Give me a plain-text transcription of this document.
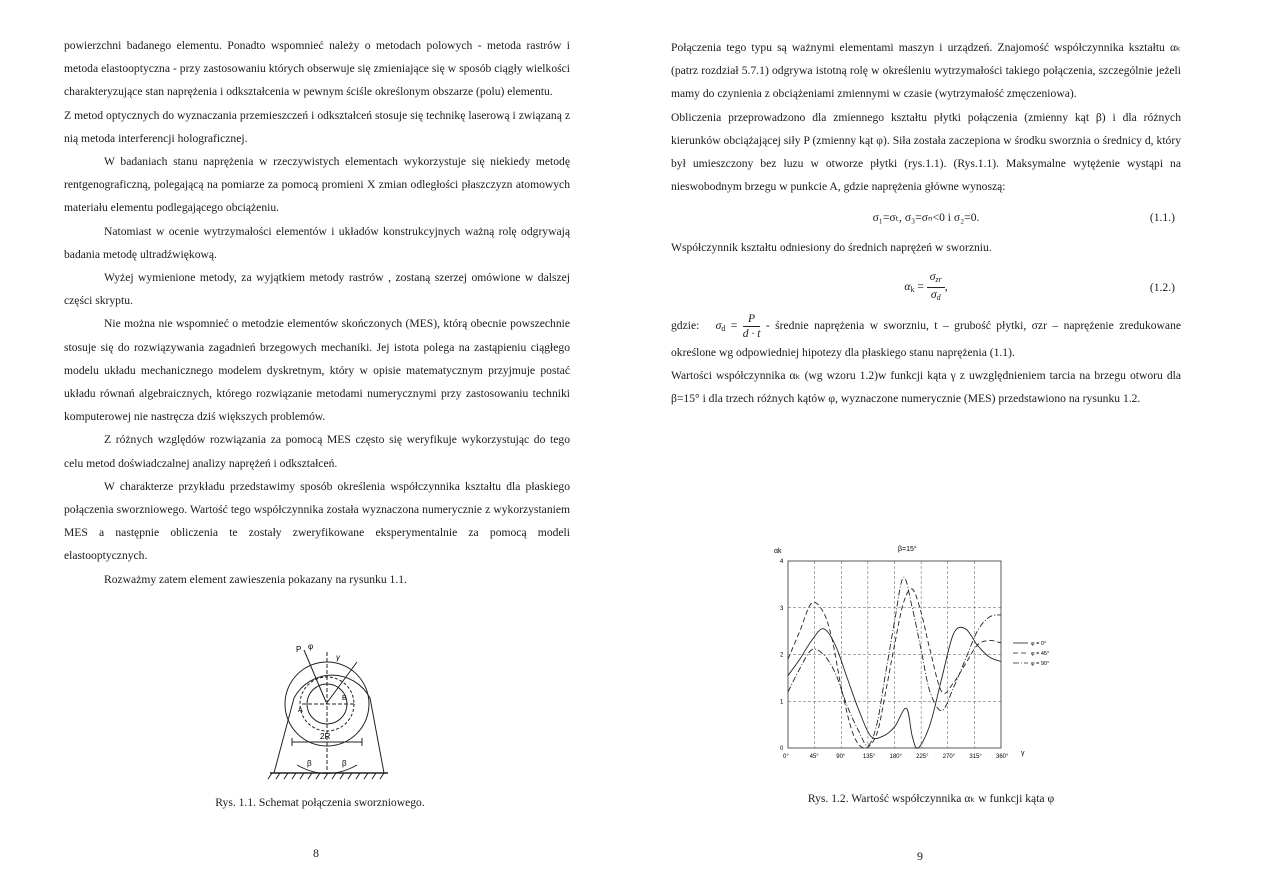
powierzchni badanego elementu. Ponadto wspomnieć należy o metodach polowych - metoda rastrów i metoda elastooptyczna - przy zastosowaniu których obserwuje się zmieniające się w sposób ciągły wielkości charakteryzujące stan naprężenia i odkształcenia w pewnym ściśle określonym obszarze (polu) elementu.

Z metod optycznych do wyznaczania przemieszczeń i odkształceń stosuje się technikę laserową i związaną z nią metoda interferencji holograficznej.

W badaniach stanu naprężenia w rzeczywistych elementach wykorzystuje się niekiedy metodę rentgenograficzną, polegającą na pomiarze za pomocą promieni X zmian odległości płaszczyzn atomowych materiału elementu podlegającego obciążeniu.

Natomiast w ocenie wytrzymałości elementów i układów konstrukcyjnych ważną rolę odgrywają badania metodę ultradźwiękową.

Wyżej wymienione metody, za wyjątkiem metody rastrów , zostaną szerzej omówione w dalszej części skryptu.

Nie można nie wspomnieć o metodzie elementów skończonych (MES), którą obecnie powszechnie stosuje się do rozwiązywania zagadnień brzegowych mechaniki. Jej istota polega na zastąpieniu ciągłego modelu układu mechanicznego modelem dyskretnym, który w opisie matematycznym przyjmuje postać układu równań algebraicznych, którego rozwiązanie metodami numerycznymi przy zastosowaniu techniki komputerowej nie nastręcza dziś większych problemów.

Z różnych względów rozwiązania za pomocą MES często się weryfikuje wykorzystując do tego celu metod doświadczalnej analizy naprężeń i odkształceń.

W charakterze przykładu przedstawimy sposób określenia współczynnika kształtu dla płaskiego połączenia sworzniowego. Wartość tego współczynnika została wyznaczona numerycznie z wykorzystaniem MES a następnie obliczenia te zostały zweryfikowane eksperymentalnie za pomocą modeli elastooptycznych.

Rozważmy zatem element zawieszenia pokazany na rysunku 1.1.

P φ
γ
A
B
2R
β	β
Rys. 1.1. Schemat połączenia sworzniowego.
8

Połączenia tego typu są ważnymi elementami maszyn i urządzeń. Znajomość współczynnika kształtu αₖ (patrz rozdział 5.7.1) odgrywa istotną rolę w określeniu wytrzymałości takiego połączenia, szczególnie jeżeli mamy do czynienia z obciążeniami zmiennymi w czasie (wytrzymałość zmęczeniowa).

Obliczenia przeprowadzono dla zmiennego kształtu płytki połączenia (zmienny kąt β) i dla różnych kierunków obciążającej siły P (zmienny kąt φ). Siła została zaczepiona w środku sworznia o średnicy d, który był umieszczony bez luzu w otworze płytki (rys.1.1). (Rys.1.1). Maksymalne wytężenie wystąpi na nieswobodnym brzegu w punkcie A, gdzie naprężenia główne wynoszą:

σ₁=σₜ, σ₃=σₙ<0 i σ₂=0.	(1.1.)

Współczynnik kształtu odniesiony do średnich naprężeń w sworzniu.

$\alpha_k = \frac{\sigma_{zr}}{\sigma_d}$ ,	(1.2.)

gdzie: $\sigma_d = \frac{P}{d \cdot t}$ - średnie naprężenia w sworzniu, t – grubość płytki, σzr – naprężenie zredukowane określone wg odpowiedniej hipotezy dla płaskiego stanu naprężenia (1.1).

Wartości współczynnika αₖ (wg wzoru 1.2)w funkcji kąta γ z uwzględnieniem tarcia na brzegu otworu dla β=15° i dla trzech różnych kątów φ, wyznaczone numerycznie (MES) przedstawiono na rysunku 1.2.

0°	45°	90°	135° 180° 225° 270° 315° 360°
0
1
2
3
4
φ = 0°
φ = 45°
φ = 90°
αk	β=15°
γ
Rys. 1.2. Wartość współczynnika αₖ w funkcji kąta φ
9
